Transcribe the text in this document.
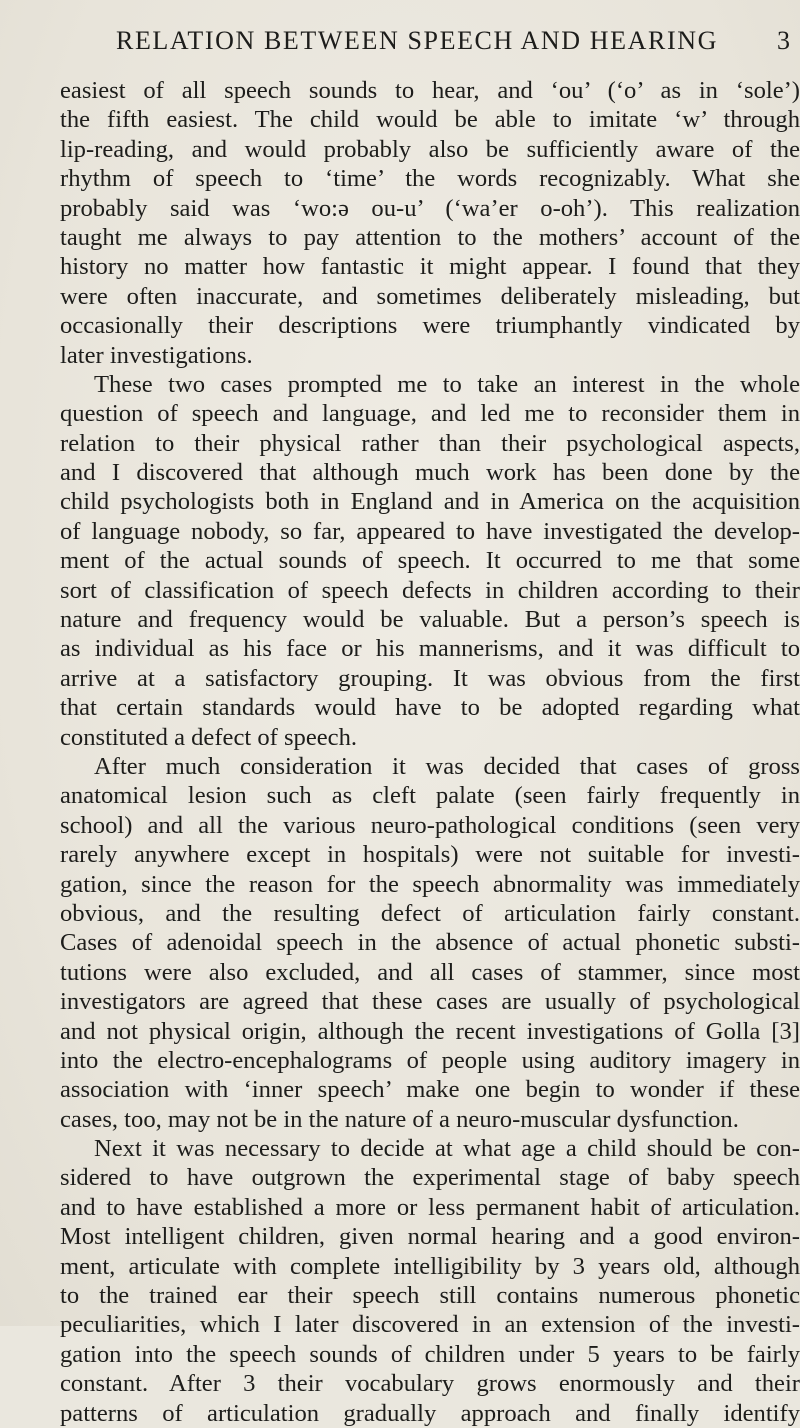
RELATION BETWEEN SPEECH AND HEARING 3
easiest of all speech sounds to hear, and ‘ou’ (‘o’ as in ‘sole’)
the fifth easiest. The child would be able to imitate ‘w’ through
lip-reading, and would probably also be sufficiently aware of the
rhythm of speech to ‘time’ the words recognizably. What she
probably said was ‘wo:ə ou-u’ (‘wa’er o-oh’). This realization
taught me always to pay attention to the mothers’ account of the
history no matter how fantastic it might appear. I found that they
were often inaccurate, and sometimes deliberately misleading, but
occasionally their descriptions were triumphantly vindicated by
later investigations.
These two cases prompted me to take an interest in the whole
question of speech and language, and led me to reconsider them in
relation to their physical rather than their psychological aspects,
and I discovered that although much work has been done by the
child psychologists both in England and in America on the acquisition
of language nobody, so far, appeared to have investigated the develop-
ment of the actual sounds of speech. It occurred to me that some
sort of classification of speech defects in children according to their
nature and frequency would be valuable. But a person’s speech is
as individual as his face or his mannerisms, and it was difficult to
arrive at a satisfactory grouping. It was obvious from the first
that certain standards would have to be adopted regarding what
constituted a defect of speech.
After much consideration it was decided that cases of gross
anatomical lesion such as cleft palate (seen fairly frequently in
school) and all the various neuro-pathological conditions (seen very
rarely anywhere except in hospitals) were not suitable for investi-
gation, since the reason for the speech abnormality was immediately
obvious, and the resulting defect of articulation fairly constant.
Cases of adenoidal speech in the absence of actual phonetic substi-
tutions were also excluded, and all cases of stammer, since most
investigators are agreed that these cases are usually of psychological
and not physical origin, although the recent investigations of Golla [3]
into the electro-encephalograms of people using auditory imagery in
association with ‘inner speech’ make one begin to wonder if these
cases, too, may not be in the nature of a neuro-muscular dysfunction.
Next it was necessary to decide at what age a child should be con-
sidered to have outgrown the experimental stage of baby speech
and to have established a more or less permanent habit of articulation.
Most intelligent children, given normal hearing and a good environ-
ment, articulate with complete intelligibility by 3 years old, although
to the trained ear their speech still contains numerous phonetic
peculiarities, which I later discovered in an extension of the investi-
gation into the speech sounds of children under 5 years to be fairly
constant. After 3 their vocabulary grows enormously and their
patterns of articulation gradually approach and finally identify
